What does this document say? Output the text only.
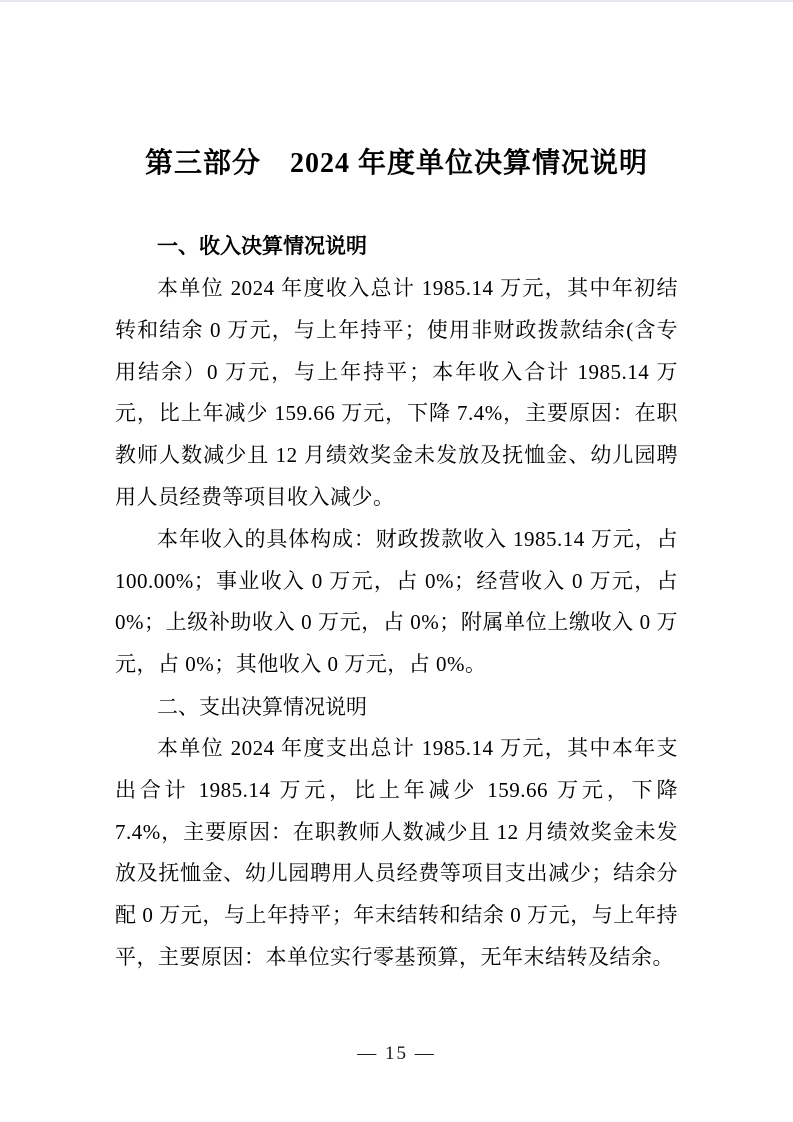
第三部分　2024 年度单位决算情况说明
一、收入决算情况说明

本单位 2024 年度收入总计 1985.14 万元，其中年初结转和结余 0 万元，与上年持平；使用非财政拨款结余(含专用结余）0 万元，与上年持平；本年收入合计 1985.14 万元，比上年减少 159.66 万元，下降 7.4%，主要原因：在职教师人数减少且 12 月绩效奖金未发放及抚恤金、幼儿园聘用人员经费等项目收入减少。

本年收入的具体构成：财政拨款收入 1985.14 万元，占 100.00%；事业收入 0 万元，占 0%；经营收入 0 万元，占 0%；上级补助收入 0 万元，占 0%；附属单位上缴收入 0 万元，占 0%；其他收入 0 万元，占 0%。

二、支出决算情况说明

本单位 2024 年度支出总计 1985.14 万元，其中本年支出合计 1985.14 万元，比上年减少 159.66 万元，下降 7.4%，主要原因：在职教师人数减少且 12 月绩效奖金未发放及抚恤金、幼儿园聘用人员经费等项目支出减少；结余分配 0 万元，与上年持平；年末结转和结余 0 万元，与上年持平，主要原因：本单位实行零基预算，无年末结转及结余。

— 15 —
